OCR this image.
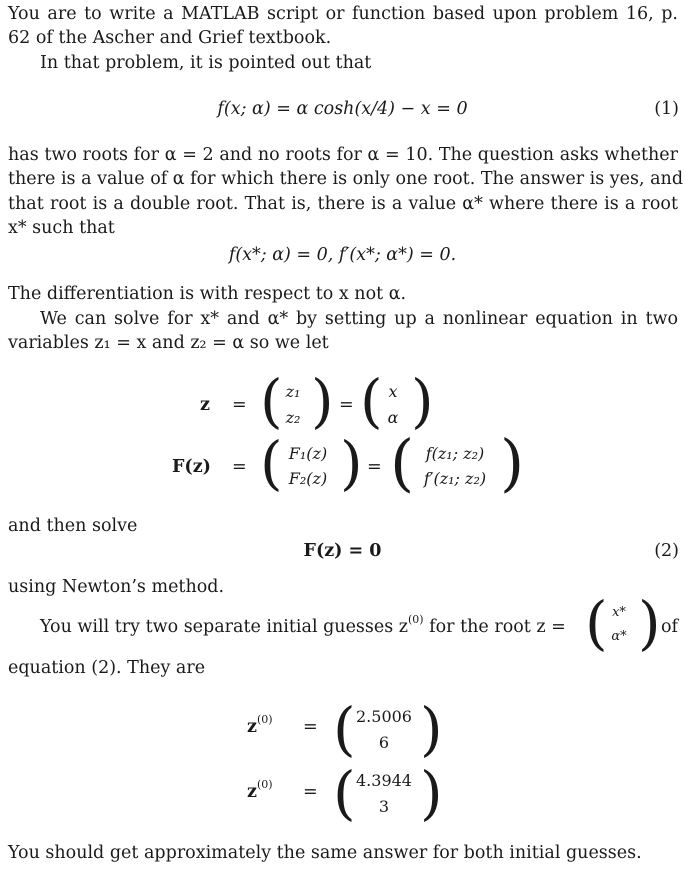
You are to write a MATLAB script or function based upon problem 16, p.
62 of the Ascher and Grief textbook.
In that problem, it is pointed out that
f(x; α) = α cosh(x/4) − x = 0	(1)
has two roots for α = 2 and no roots for α = 10. The question asks whether
there is a value of α for which there is only one root. The answer is yes, and
that root is a double root. That is, there is a value α* where there is a root
x* such that
f(x*; α) = 0, f′(x*; α*) = 0.
The differentiation is with respect to x not α.
We can solve for x* and α* by setting up a nonlinear equation in two
variables z₁ = x and z₂ = α so we let
z = ( z₁
z₂ ) = ( x
α )
F(z) = ( F₁(z)
F₂(z) ) = ( f(z₁; z₂)
f′(z₁; z₂) )
and then solve
F(z) = 0	(2)
using Newton’s method.
You will try two separate initial guesses $z^{(0)}$ for the root z = ( x*
α* ) of
equation (2). They are
$z^{(0)}$ = ( 2.5006
6 )
$z^{(0)}$ = ( 4.3944
3 )
You should get approximately the same answer for both initial guesses.
